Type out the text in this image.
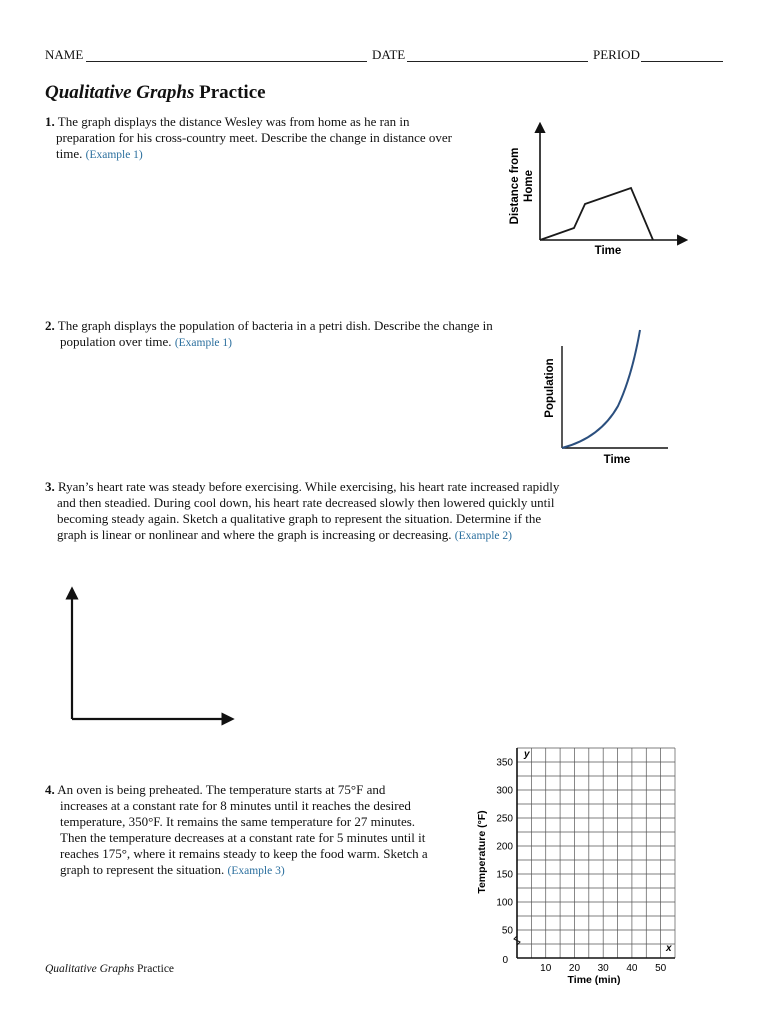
NAME	DATE	PERIOD
Qualitative Graphs Practice
1. The graph displays the distance Wesley was from home as he ran in
preparation for his cross-country meet. Describe the change in distance over
time. (Example 1)	Distance from Home
Time
2. The graph displays the population of bacteria in a petri dish. Describe the change in
population over time. (Example 1)
Population
Time
3. Ryan’s heart rate was steady before exercising. While exercising, his heart rate increased rapidly
and then steadied. During cool down, his heart rate decreased slowly then lowered quickly until
becoming steady again. Sketch a qualitative graph to represent the situation. Determine if the
graph is linear or nonlinear and where the graph is increasing or decreasing. (Example 2)
4. An oven is being preheated. The temperature starts at 75°F and
increases at a constant rate for 8 minutes until it reaches the desired
temperature, 350°F. It remains the same temperature for 27 minutes.
Then the temperature decreases at a constant rate for 5 minutes until it
reaches 175°, where it remains steady to keep the food warm. Sketch a
graph to represent the situation. (Example 3)
y
x
0
350
300
250
200
150
100
50
10 20 30 40 50
Temperature (°F)
Time (min)
Qualitative Graphs Practice
